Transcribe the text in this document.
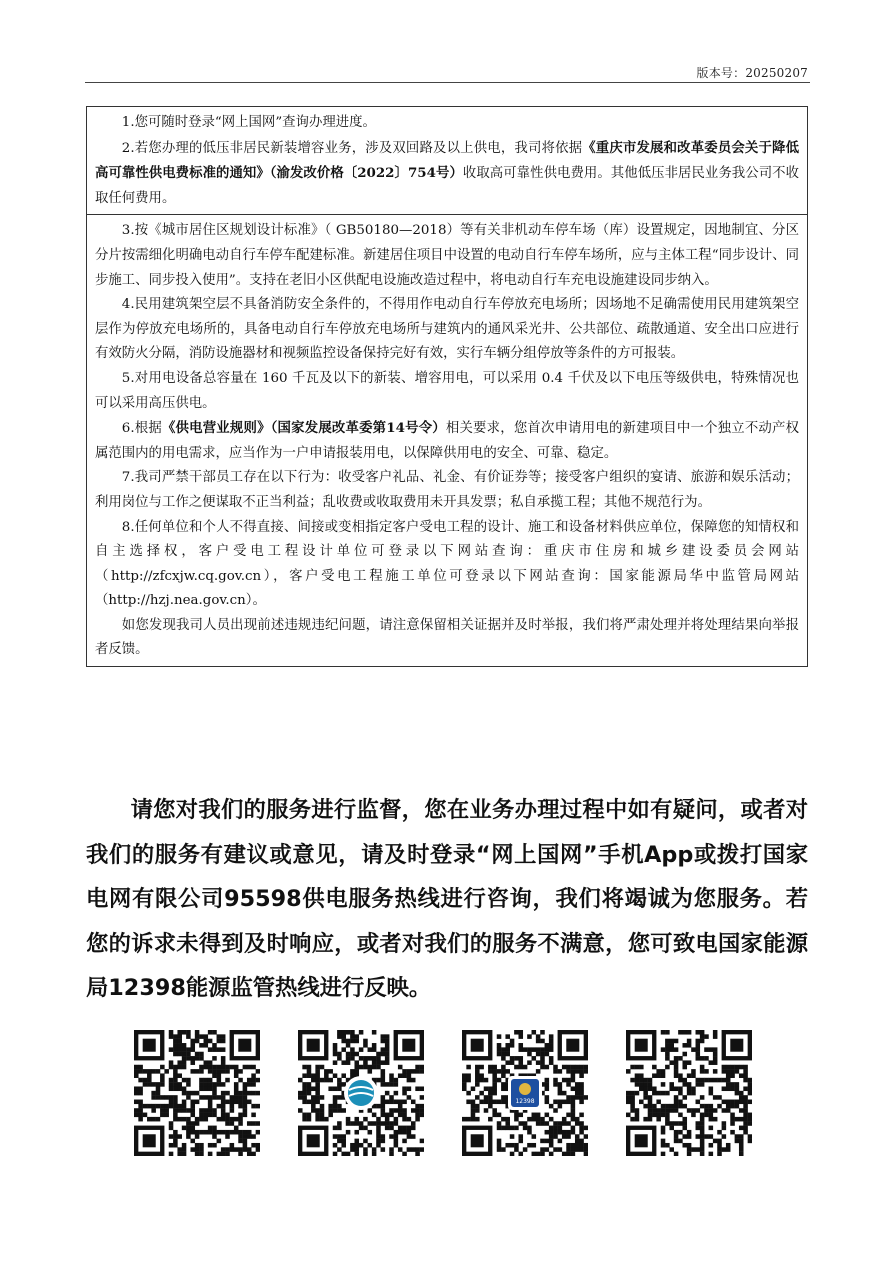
版本号：20250207

1.您可随时登录“网上国网”查询办理进度。

2.若您办理的低压非居民新装增容业务，涉及双回路及以上供电，我司将依据《重庆市发展和改革委员会关于降低高可靠性供电费标准的通知》（渝发改价格〔2022〕754号）收取高可靠性供电费用。其他低压非居民业务我公司不收取任何费用。

3.按《城市居住区规划设计标准》（ GB50180—2018）等有关非机动车停车场（库）设置规定，因地制宜、分区分片按需细化明确电动自行车停车配建标准。新建居住项目中设置的电动自行车停车场所，应与主体工程“同步设计、同步施工、同步投入使用”。支持在老旧小区供配电设施改造过程中，将电动自行车充电设施建设同步纳入。

4.民用建筑架空层不具备消防安全条件的，不得用作电动自行车停放充电场所；因场地不足确需使用民用建筑架空层作为停放充电场所的，具备电动自行车停放充电场所与建筑内的通风采光井、公共部位、疏散通道、安全出口应进行有效防火分隔，消防设施器材和视频监控设备保持完好有效，实行车辆分组停放等条件的方可报装。

5.对用电设备总容量在 160 千瓦及以下的新装、增容用电，可以采用 0.4 千伏及以下电压等级供电，特殊情况也可以采用高压供电。

6.根据《供电营业规则》（国家发展改革委第14号令）相关要求，您首次申请用电的新建项目中一个独立不动产权属范围内的用电需求，应当作为一户申请报装用电，以保障供用电的安全、可靠、稳定。

7.我司严禁干部员工存在以下行为：收受客户礼品、礼金、有价证券等；接受客户组织的宴请、旅游和娱乐活动；利用岗位与工作之便谋取不正当利益；乱收费或收取费用未开具发票；私自承揽工程；其他不规范行为。

8.任何单位和个人不得直接、间接或变相指定客户受电工程的设计、施工和设备材料供应单位，保障您的知情权和自主选择权，客户受电工程设计单位可登录以下网站查询：重庆市住房和城乡建设委员会网站（http://zfcxjw.cq.gov.cn），客户受电工程施工单位可登录以下网站查询：国家能源局华中监管局网站（http://hzj.nea.gov.cn）。

如您发现我司人员出现前述违规违纪问题，请注意保留相关证据并及时举报，我们将严肃处理并将处理结果向举报者反馈。

请您对我们的服务进行监督，您在业务办理过程中如有疑问，或者对我们的服务有建议或意见，请及时登录“网上国网”手机App或拨打国家电网有限公司95598供电服务热线进行咨询，我们将竭诚为您服务。若您的诉求未得到及时响应，或者对我们的服务不满意，您可致电国家能源局12398能源监管热线进行反映。

12398
